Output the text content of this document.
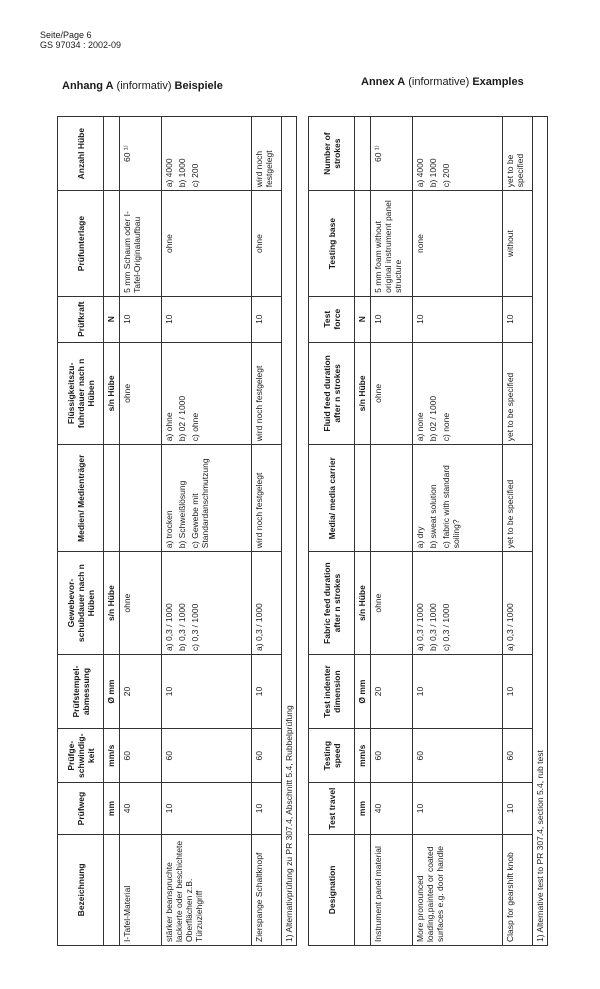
Seite/Page 6
GS 97034 : 2002-09
Anhang A (informativ) Beispiele	Annex A (informative) Examples
Bezeichnung	Prüfweg	Prüfge-schwindig-keit	Prüfstempel-abmessung	Gewebevor-schubdauer nach n Hüben	Medien/ Medienträger	Flüssigkeitszu-fuhrdauer nach n Hüben	Prüfkraft	Prüfunterlage	Anzahl Hübe
	mm	mm/s	Ø mm	s/n Hübe		s/n Hübe	N		

I-Tafel-Material	40	60	20	ohne		ohne	10	5 mm Schaum oder I-Tafel-Originalaufbau	60 ¹⁾

stärker beanspruchte lackierte oder beschichtete Oberflächen z.B. Türzuziehgriff	10	60	10	a) 0,3 / 1000 b) 0,3 / 1000 c) 0,3 / 1000	a) trocken b) Schweißlösung c) Gewebe mit Standardanschmutzung	a) ohne b) 02 / 1000 c) ohne	10	ohne	a) 4000 b) 1000 c) 200

Zierspange Schaltknopf	10	60	10	a) 0,3 / 1000	wird noch festgelegt	wird noch festgelegt	10	ohne	wird noch festgelegt

1) Alternativprüfung zu PR 307.4, Abschnitt 5.4, Rubbelprüfung										Designation	Test travel	Testing speed	Test indenter dimension	Fabric feed duration after n strokes	Media/ media carrier	Fluid feed duration after n strokes	Test force	Testing base	Number of strokes
	mm	mm/s	Ø mm	s/n Hübe		s/n Hübe	N		

Instrument panel material	40	60	20	ohne		ohne	10	5 mm foam without original instrument panel structure	60 ¹⁾

More pronounced loading,painted or coated surfaces e.g. door handle	10	60	10	a) 0,3 / 1000 b) 0,3 / 1000 c) 0,3 / 1000	a) dry b) sweat solution c) fabric with standard soiling?	a) none b) 02 / 1000 c) none	10	none	a) 4000 b) 1000 c) 200

Clasp for gearshift knob	10	60	10	a) 0,3 / 1000	yet to be specified	yet to be specified	10	without	yet to be specified

1) Alternative test to PR 307.4, section 5.4, rub test									
